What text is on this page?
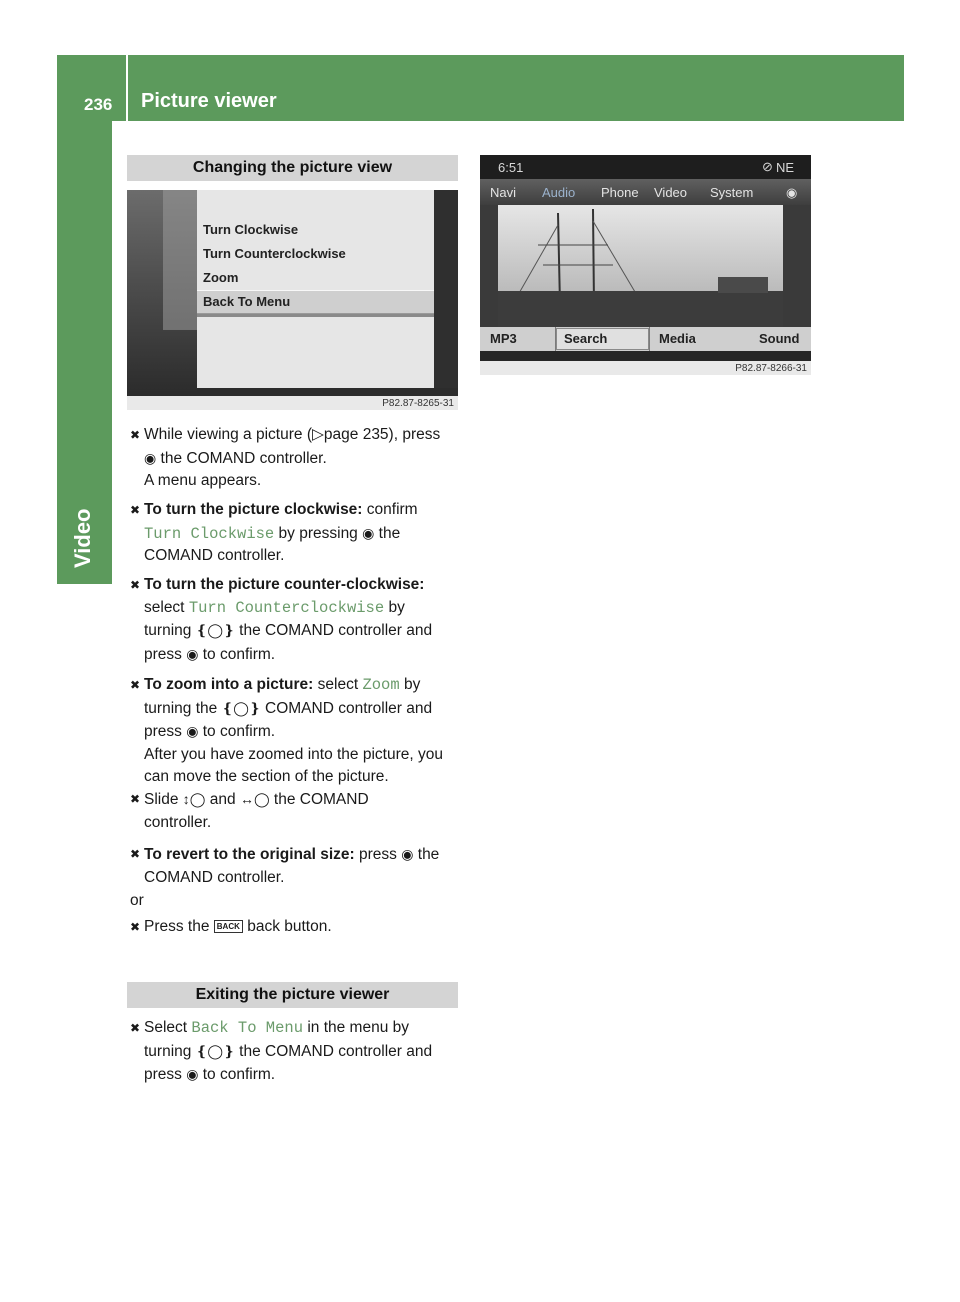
236 Picture viewer
Video
Changing the picture view
Turn Clockwise
Turn Counterclockwise
Zoom
Back To Menu
P82.87-8265-31
6:51	⊘ NE
Navi Audio Phone Video System	◉
MP3	Search	Media	Sound
P82.87-8266-31
✖ While viewing a picture (▷page 235), press
◉ the COMAND controller.
A menu appears.
✖ To turn the picture clockwise: confirm
Turn Clockwise by pressing ◉ the
COMAND controller.
✖ To turn the picture counter-clockwise:
select Turn Counterclockwise by
turning ❴◯❵ the COMAND controller and
press ◉ to confirm.
✖ To zoom into a picture: select Zoom by
turning the ❴◯❵ COMAND controller and
press ◉ to confirm.
After you have zoomed into the picture, you
can move the section of the picture.
✖ Slide ↕◯ and ↔◯ the COMAND
controller.
✖ To revert to the original size: press ◉ the
COMAND controller.
or
✖ Press the BACK back button.
Exiting the picture viewer
✖ Select Back To Menu in the menu by
turning ❴◯❵ the COMAND controller and
press ◉ to confirm.
